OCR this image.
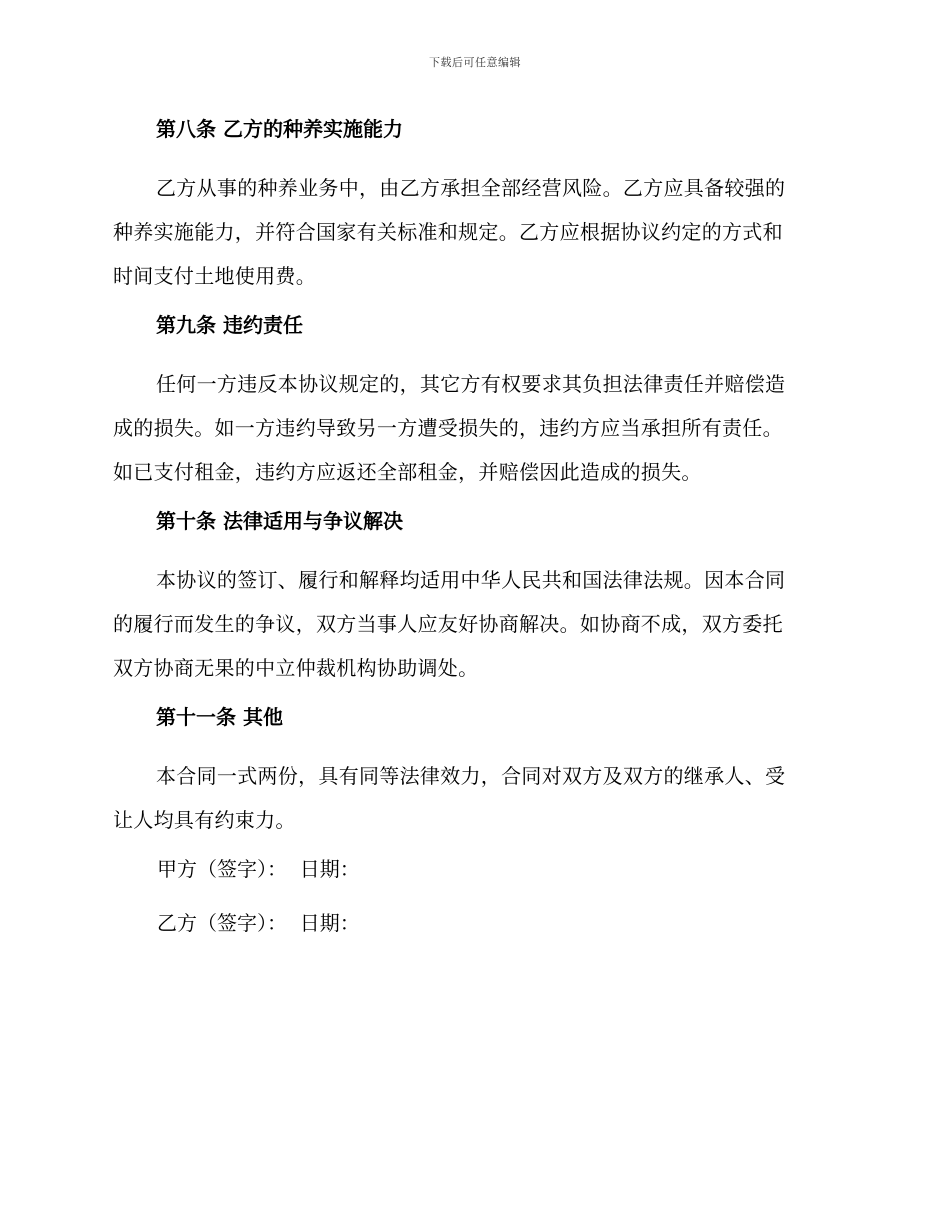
下载后可任意编辑
第八条 乙方的种养实施能力
乙方从事的种养业务中，由乙方承担全部经营风险。乙方应具备较强的
种养实施能力，并符合国家有关标准和规定。乙方应根据协议约定的方式和
时间支付土地使用费。
第九条 违约责任
任何一方违反本协议规定的，其它方有权要求其负担法律责任并赔偿造
成的损失。如一方违约导致另一方遭受损失的，违约方应当承担所有责任。
如已支付租金，违约方应返还全部租金，并赔偿因此造成的损失。
第十条 法律适用与争议解决
本协议的签订、履行和解释均适用中华人民共和国法律法规。因本合同
的履行而发生的争议，双方当事人应友好协商解决。如协商不成，双方委托
双方协商无果的中立仲裁机构协助调处。
第十一条 其他
本合同一式两份，具有同等法律效力，合同对双方及双方的继承人、受
让人均具有约束力。
甲方（签字）：  日期：
乙方（签字）：  日期：
